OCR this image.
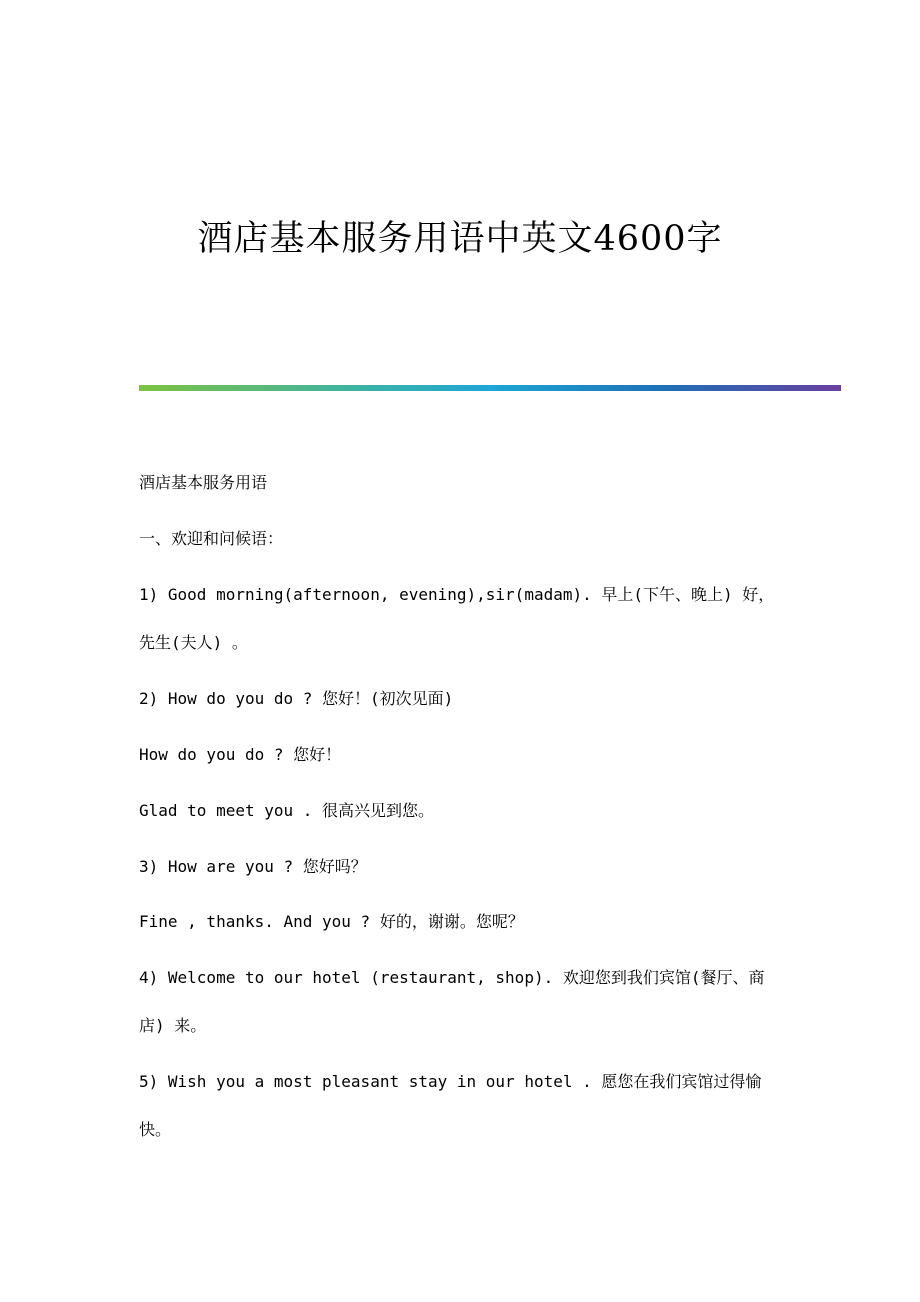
酒店基本服务用语中英文4600字

酒店基本服务用语

一、欢迎和问候语：

1) Good morning(afternoon, evening),sir(madam). 早上(下午、晚上) 好，

先生(夫人) 。

2) How do you do ? 您好！(初次见面)

How do you do ? 您好！

Glad to meet you . 很高兴见到您。

3) How are you ? 您好吗？

Fine , thanks. And you ? 好的，谢谢。您呢？

4) Welcome to our hotel (restaurant, shop). 欢迎您到我们宾馆(餐厅、商

店) 来。

5) Wish you a most pleasant stay in our hotel . 愿您在我们宾馆过得愉

快。
